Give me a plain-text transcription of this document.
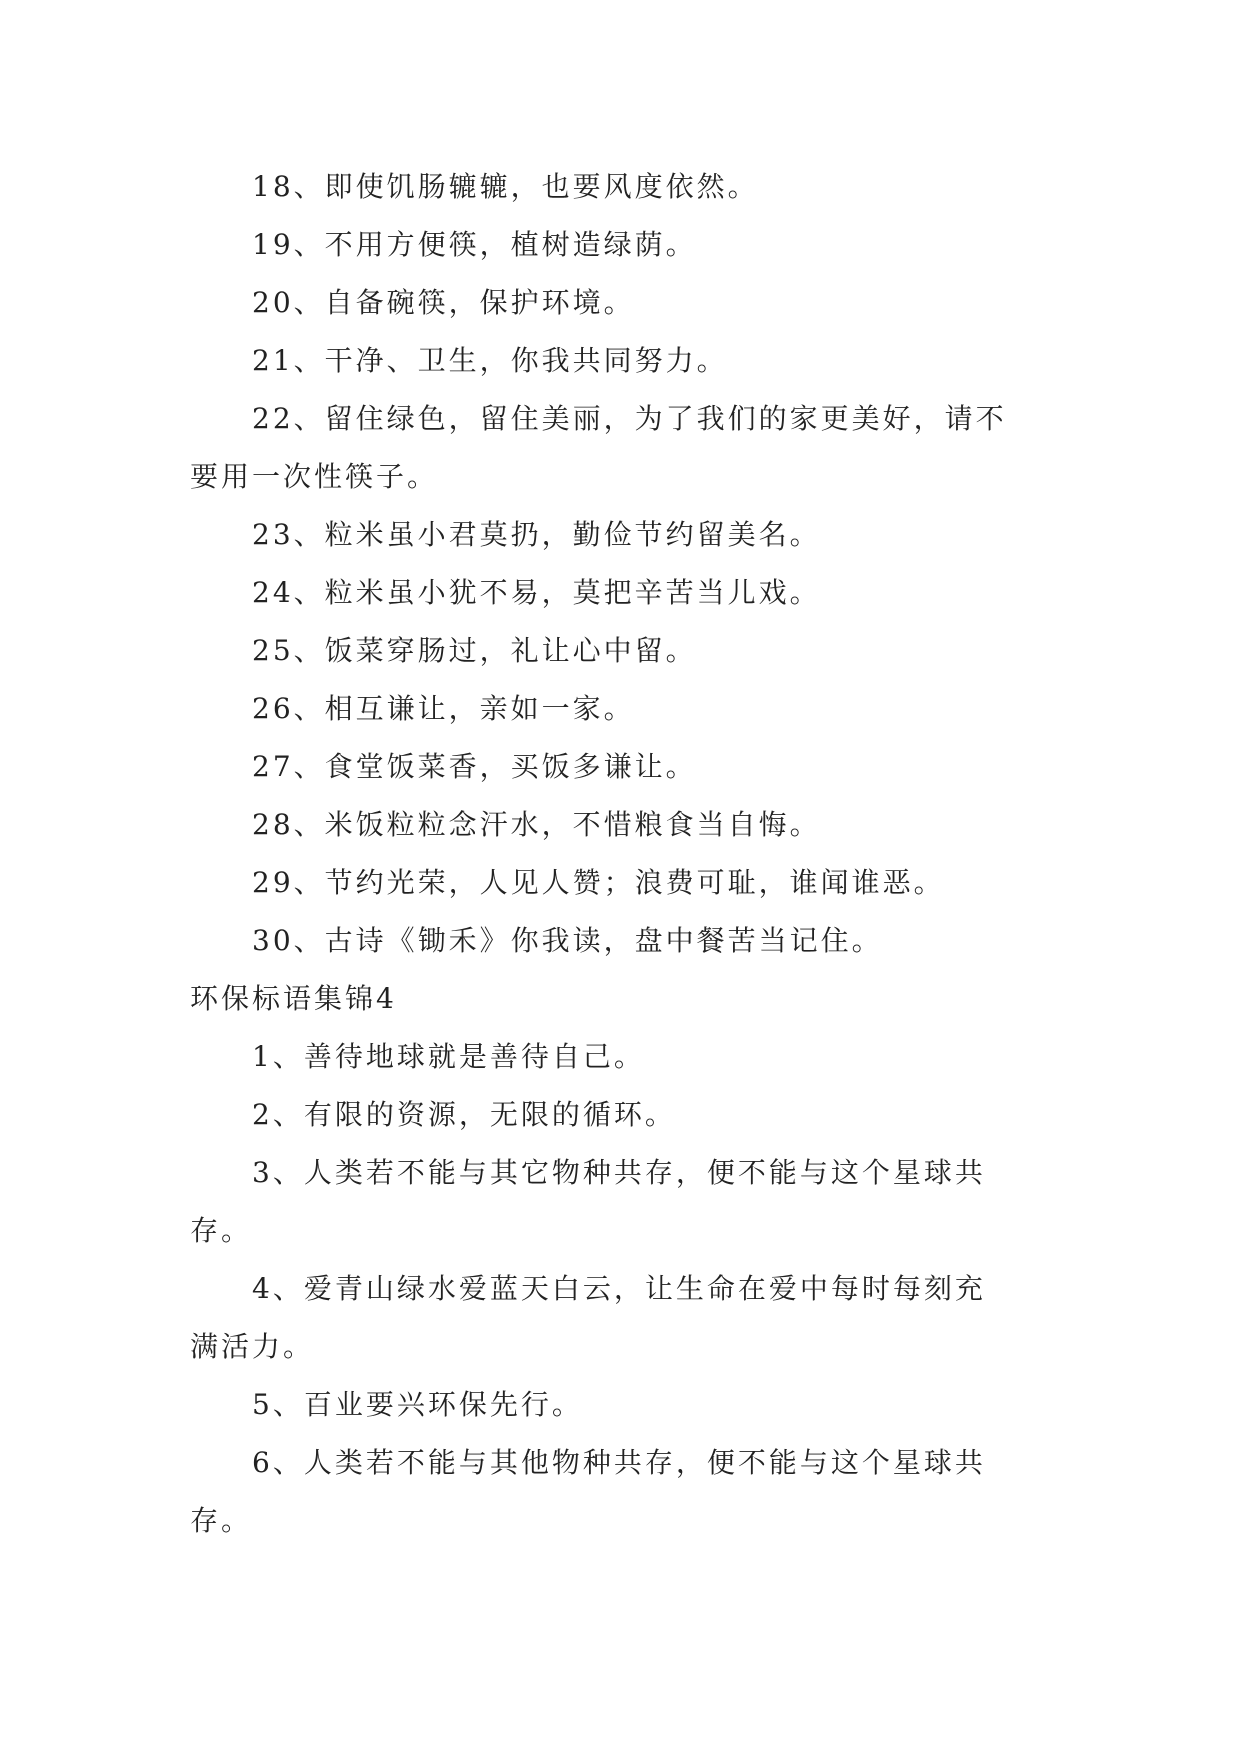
18、即使饥肠辘辘，也要风度依然。
19、不用方便筷，植树造绿荫。
20、自备碗筷，保护环境。
21、干净、卫生，你我共同努力。
22、留住绿色，留住美丽，为了我们的家更美好，请不
要用一次性筷子。
23、粒米虽小君莫扔，勤俭节约留美名。
24、粒米虽小犹不易，莫把辛苦当儿戏。
25、饭菜穿肠过，礼让心中留。
26、相互谦让，亲如一家。
27、食堂饭菜香，买饭多谦让。
28、米饭粒粒念汗水，不惜粮食当自悔。
29、节约光荣，人见人赞；浪费可耻，谁闻谁恶。
30、古诗《锄禾》你我读，盘中餐苦当记住。
环保标语集锦4
1、善待地球就是善待自己。
2、有限的资源，无限的循环。
3、人类若不能与其它物种共存，便不能与这个星球共
存。
4、爱青山绿水爱蓝天白云，让生命在爱中每时每刻充
满活力。
5、百业要兴环保先行。
6、人类若不能与其他物种共存，便不能与这个星球共
存。
